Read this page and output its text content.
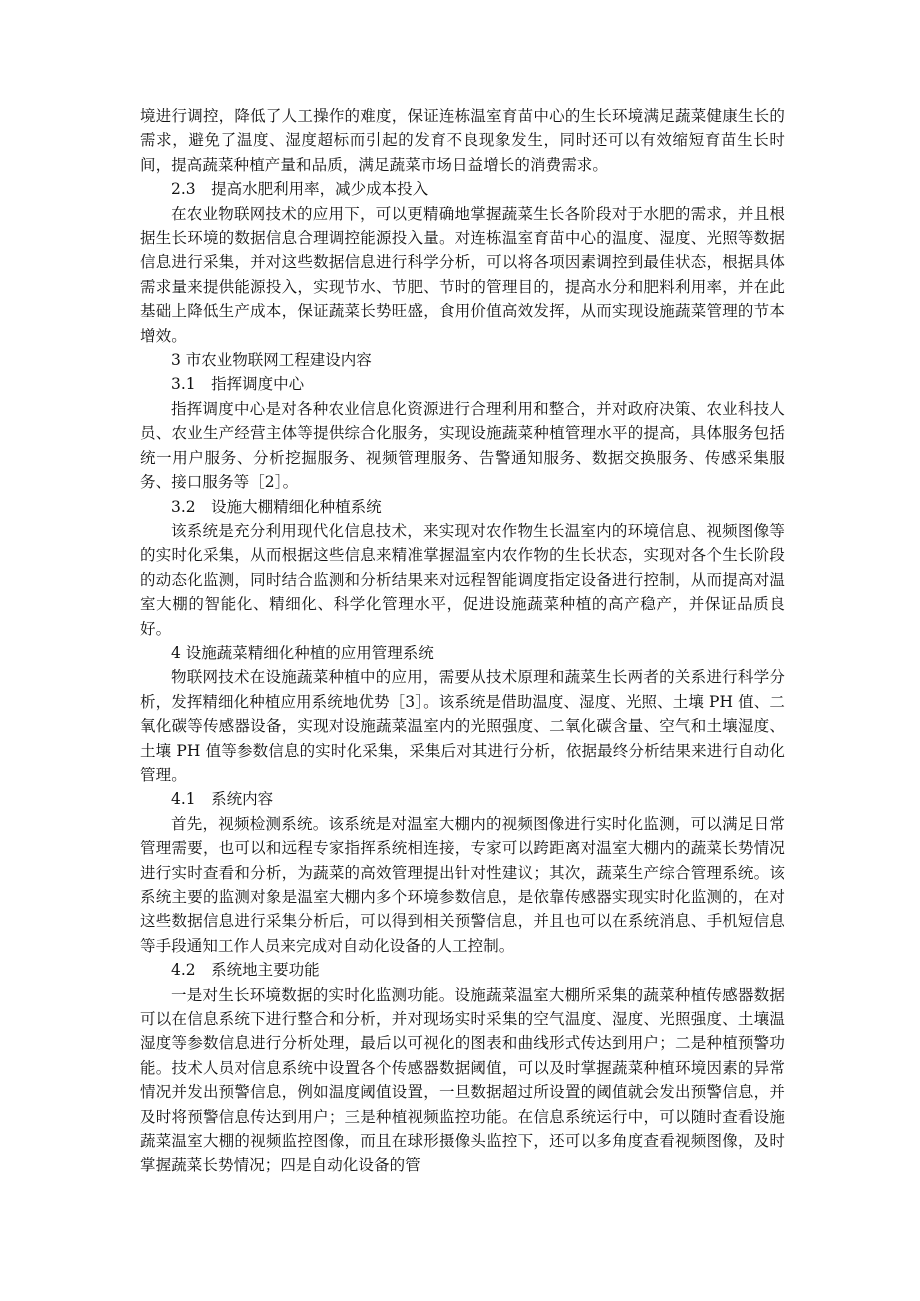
境进行调控，降低了人工操作的难度，保证连栋温室育苗中心的生长环境满足蔬菜健康生长的需求，避免了温度、湿度超标而引起的发育不良现象发生，同时还可以有效缩短育苗生长时间，提高蔬菜种植产量和品质，满足蔬菜市场日益增长的消费需求。

2.3　提高水肥利用率，减少成本投入

在农业物联网技术的应用下，可以更精确地掌握蔬菜生长各阶段对于水肥的需求，并且根据生长环境的数据信息合理调控能源投入量。对连栋温室育苗中心的温度、湿度、光照等数据信息进行采集，并对这些数据信息进行科学分析，可以将各项因素调控到最佳状态，根据具体需求量来提供能源投入，实现节水、节肥、节时的管理目的，提高水分和肥料利用率，并在此基础上降低生产成本，保证蔬菜长势旺盛，食用价值高效发挥，从而实现设施蔬菜管理的节本增效。

3 市农业物联网工程建设内容

3.1　指挥调度中心

指挥调度中心是对各种农业信息化资源进行合理利用和整合，并对政府决策、农业科技人员、农业生产经营主体等提供综合化服务，实现设施蔬菜种植管理水平的提高，具体服务包括统一用户服务、分析挖掘服务、视频管理服务、告警通知服务、数据交换服务、传感采集服务、接口服务等［2］。

3.2　设施大棚精细化种植系统

该系统是充分利用现代化信息技术，来实现对农作物生长温室内的环境信息、视频图像等的实时化采集，从而根据这些信息来精准掌握温室内农作物的生长状态，实现对各个生长阶段的动态化监测，同时结合监测和分析结果来对远程智能调度指定设备进行控制，从而提高对温室大棚的智能化、精细化、科学化管理水平，促进设施蔬菜种植的高产稳产，并保证品质良好。

4 设施蔬菜精细化种植的应用管理系统

物联网技术在设施蔬菜种植中的应用，需要从技术原理和蔬菜生长两者的关系进行科学分析，发挥精细化种植应用系统地优势［3］。该系统是借助温度、湿度、光照、土壤 PH 值、二氧化碳等传感器设备，实现对设施蔬菜温室内的光照强度、二氧化碳含量、空气和土壤湿度、土壤 PH 值等参数信息的实时化采集，采集后对其进行分析，依据最终分析结果来进行自动化管理。

4.1　系统内容

首先，视频检测系统。该系统是对温室大棚内的视频图像进行实时化监测，可以满足日常管理需要，也可以和远程专家指挥系统相连接，专家可以跨距离对温室大棚内的蔬菜长势情况进行实时查看和分析，为蔬菜的高效管理提出针对性建议；其次，蔬菜生产综合管理系统。该系统主要的监测对象是温室大棚内多个环境参数信息，是依靠传感器实现实时化监测的，在对这些数据信息进行采集分析后，可以得到相关预警信息，并且也可以在系统消息、手机短信息等手段通知工作人员来完成对自动化设备的人工控制。

4.2　系统地主要功能

一是对生长环境数据的实时化监测功能。设施蔬菜温室大棚所采集的蔬菜种植传感器数据可以在信息系统下进行整合和分析，并对现场实时采集的空气温度、湿度、光照强度、土壤温湿度等参数信息进行分析处理，最后以可视化的图表和曲线形式传达到用户；二是种植预警功能。技术人员对信息系统中设置各个传感器数据阈值，可以及时掌握蔬菜种植环境因素的异常情况并发出预警信息，例如温度阈值设置，一旦数据超过所设置的阈值就会发出预警信息，并及时将预警信息传达到用户；三是种植视频监控功能。在信息系统运行中，可以随时查看设施蔬菜温室大棚的视频监控图像，而且在球形摄像头监控下，还可以多角度查看视频图像，及时掌握蔬菜长势情况；四是自动化设备的管
